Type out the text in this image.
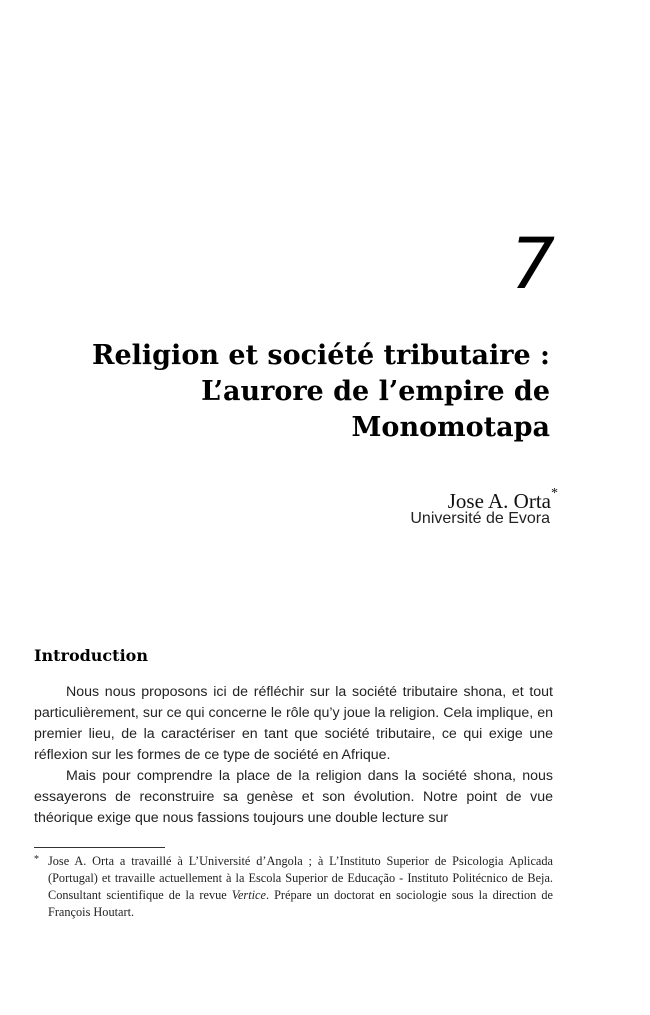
7
Religion et société tributaire :
L’aurore de l’empire de
Monomotapa
Jose A. Orta*
Université de Evora
Introduction

Nous nous proposons ici de réfléchir sur la société tributaire shona, et tout particulièrement, sur ce qui concerne le rôle qu’y joue la religion. Cela implique, en premier lieu, de la caractériser en tant que société tributaire, ce qui exige une réflexion sur les formes de ce type de société en Afrique.

Mais pour comprendre la place de la religion dans la société shona, nous essayerons de reconstruire sa genèse et son évolution. Notre point de vue théorique exige que nous fassions toujours une double lecture sur

* Jose A. Orta a travaillé à L’Université d’Angola ; à L’Instituto Superior de Psicologia Aplicada (Portugal) et travaille actuellement à la Escola Superior de Educação - Instituto Politécnico de Beja. Consultant scientifique de la revue Vertice. Prépare un doctorat en sociologie sous la direction de François Houtart.
